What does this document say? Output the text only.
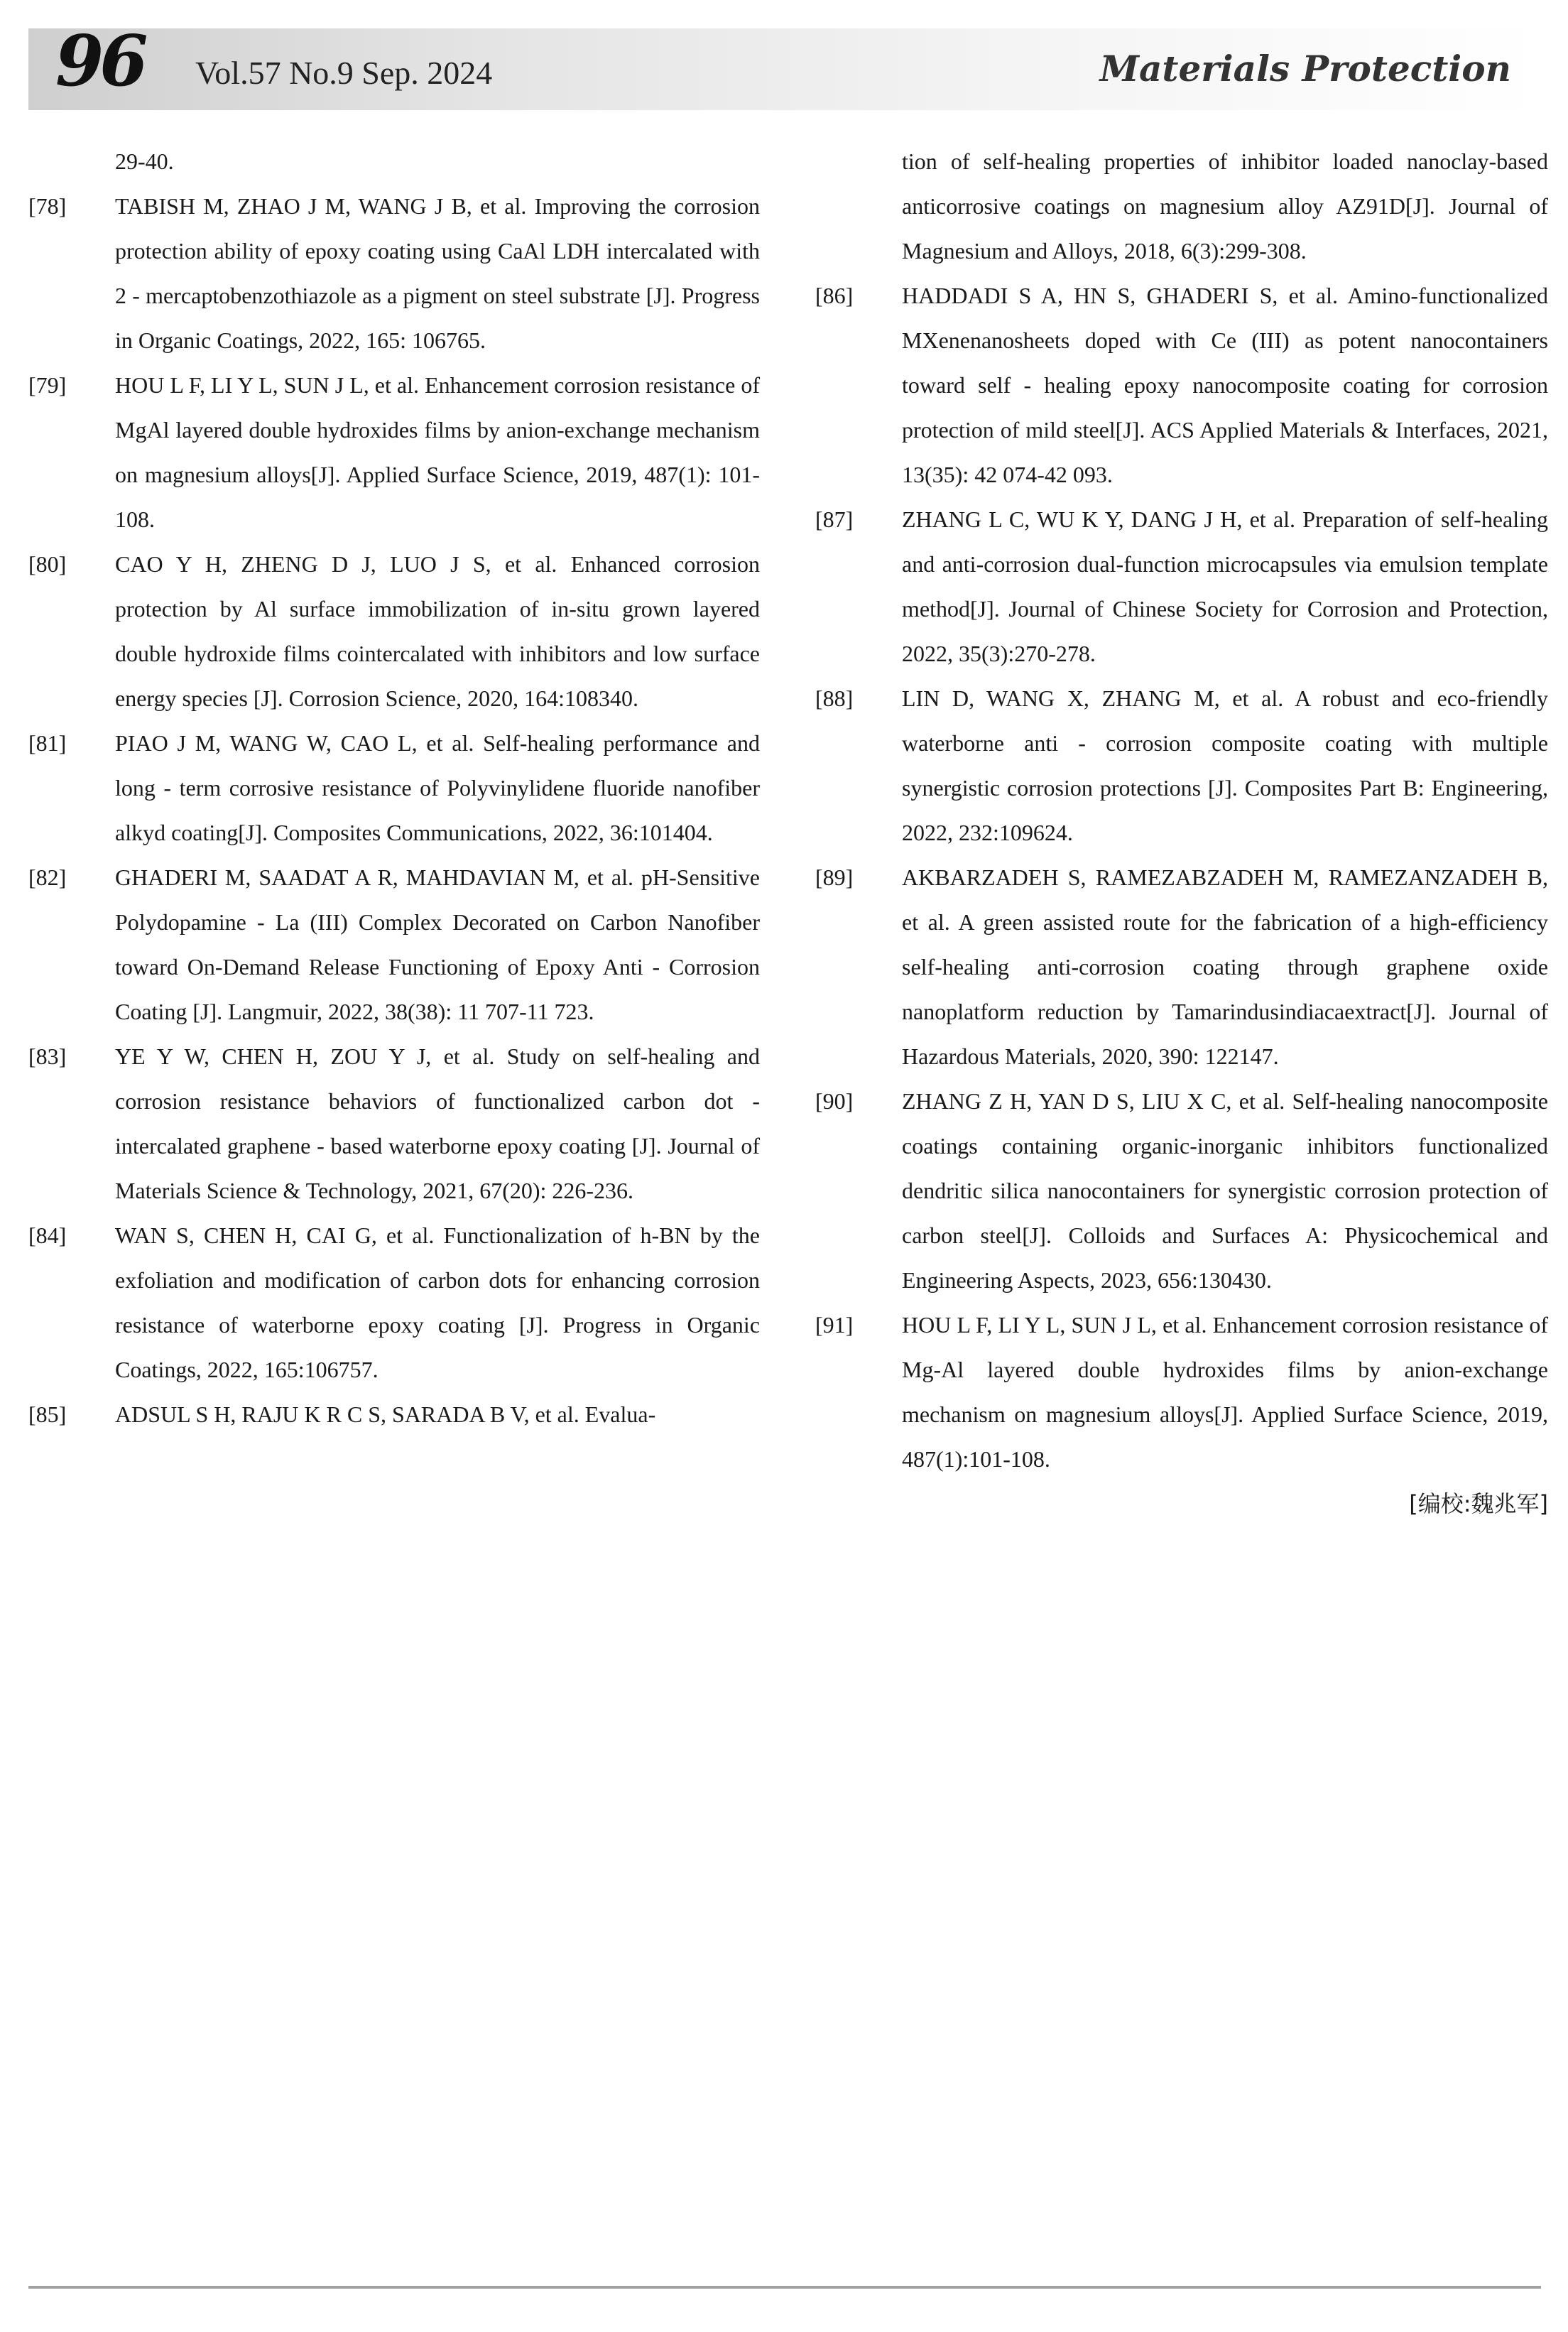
96 Vol.57 No.9 Sep. 2024	Materials Protection
29-40.
[78] TABISH M, ZHAO J M, WANG J B, et al. Improving the corrosion protection ability of epoxy coating using CaAl LDH intercalated with 2 - mercaptobenzothiazole as a pigment on steel substrate [J]. Progress in Organic Coatings, 2022, 165: 106765.
[79] HOU L F, LI Y L, SUN J L, et al. Enhancement corrosion resistance of MgAl layered double hydroxides films by anion-exchange mechanism on magnesium alloys[J]. Applied Surface Science, 2019, 487(1): 101-108.
[80] CAO Y H, ZHENG D J, LUO J S, et al. Enhanced corrosion protection by Al surface immobilization of in-situ grown layered double hydroxide films cointercalated with inhibitors and low surface energy species [J]. Corrosion Science, 2020, 164:108340.
[81] PIAO J M, WANG W, CAO L, et al. Self-healing performance and long - term corrosive resistance of Polyvinylidene fluoride nanofiber alkyd coating[J]. Composites Communications, 2022, 36:101404.
[82] GHADERI M, SAADAT A R, MAHDAVIAN M, et al. pH-Sensitive Polydopamine - La (III) Complex Decorated on Carbon Nanofiber toward On-Demand Release Functioning of Epoxy Anti - Corrosion Coating [J]. Langmuir, 2022, 38(38): 11 707-11 723.
[83] YE Y W, CHEN H, ZOU Y J, et al. Study on self-healing and corrosion resistance behaviors of functionalized carbon dot - intercalated graphene - based waterborne epoxy coating [J]. Journal of Materials Science & Technology, 2021, 67(20): 226-236.
[84] WAN S, CHEN H, CAI G, et al. Functionalization of h-BN by the exfoliation and modification of carbon dots for enhancing corrosion resistance of waterborne epoxy coating [J]. Progress in Organic Coatings, 2022, 165:106757.
[85] ADSUL S H, RAJU K R C S, SARADA B V, et al. Evalua-
tion of self-healing properties of inhibitor loaded nanoclay-based anticorrosive coatings on magnesium alloy AZ91D[J]. Journal of Magnesium and Alloys, 2018, 6(3):299-308.
[86] HADDADI S A, HN S, GHADERI S, et al. Amino-functionalized MXenenanosheets doped with Ce (III) as potent nanocontainers toward self - healing epoxy nanocomposite coating for corrosion protection of mild steel[J]. ACS Applied Materials & Interfaces, 2021, 13(35): 42 074-42 093.
[87] ZHANG L C, WU K Y, DANG J H, et al. Preparation of self-healing and anti-corrosion dual-function microcapsules via emulsion template method[J]. Journal of Chinese Society for Corrosion and Protection, 2022, 35(3):270-278.
[88] LIN D, WANG X, ZHANG M, et al. A robust and eco-friendly waterborne anti - corrosion composite coating with multiple synergistic corrosion protections [J]. Composites Part B: Engineering, 2022, 232:109624.
[89] AKBARZADEH S, RAMEZABZADEH M, RAMEZANZADEH B, et al. A green assisted route for the fabrication of a high-efficiency self-healing anti-corrosion coating through graphene oxide nanoplatform reduction by Tamarindusindiacaextract[J]. Journal of Hazardous Materials, 2020, 390: 122147.
[90] ZHANG Z H, YAN D S, LIU X C, et al. Self-healing nanocomposite coatings containing organic-inorganic inhibitors functionalized dendritic silica nanocontainers for synergistic corrosion protection of carbon steel[J]. Colloids and Surfaces A: Physicochemical and Engineering Aspects, 2023, 656:130430.
[91] HOU L F, LI Y L, SUN J L, et al. Enhancement corrosion resistance of Mg-Al layered double hydroxides films by anion-exchange mechanism on magnesium alloys[J]. Applied Surface Science, 2019, 487(1):101-108.
[编校:魏兆军]
